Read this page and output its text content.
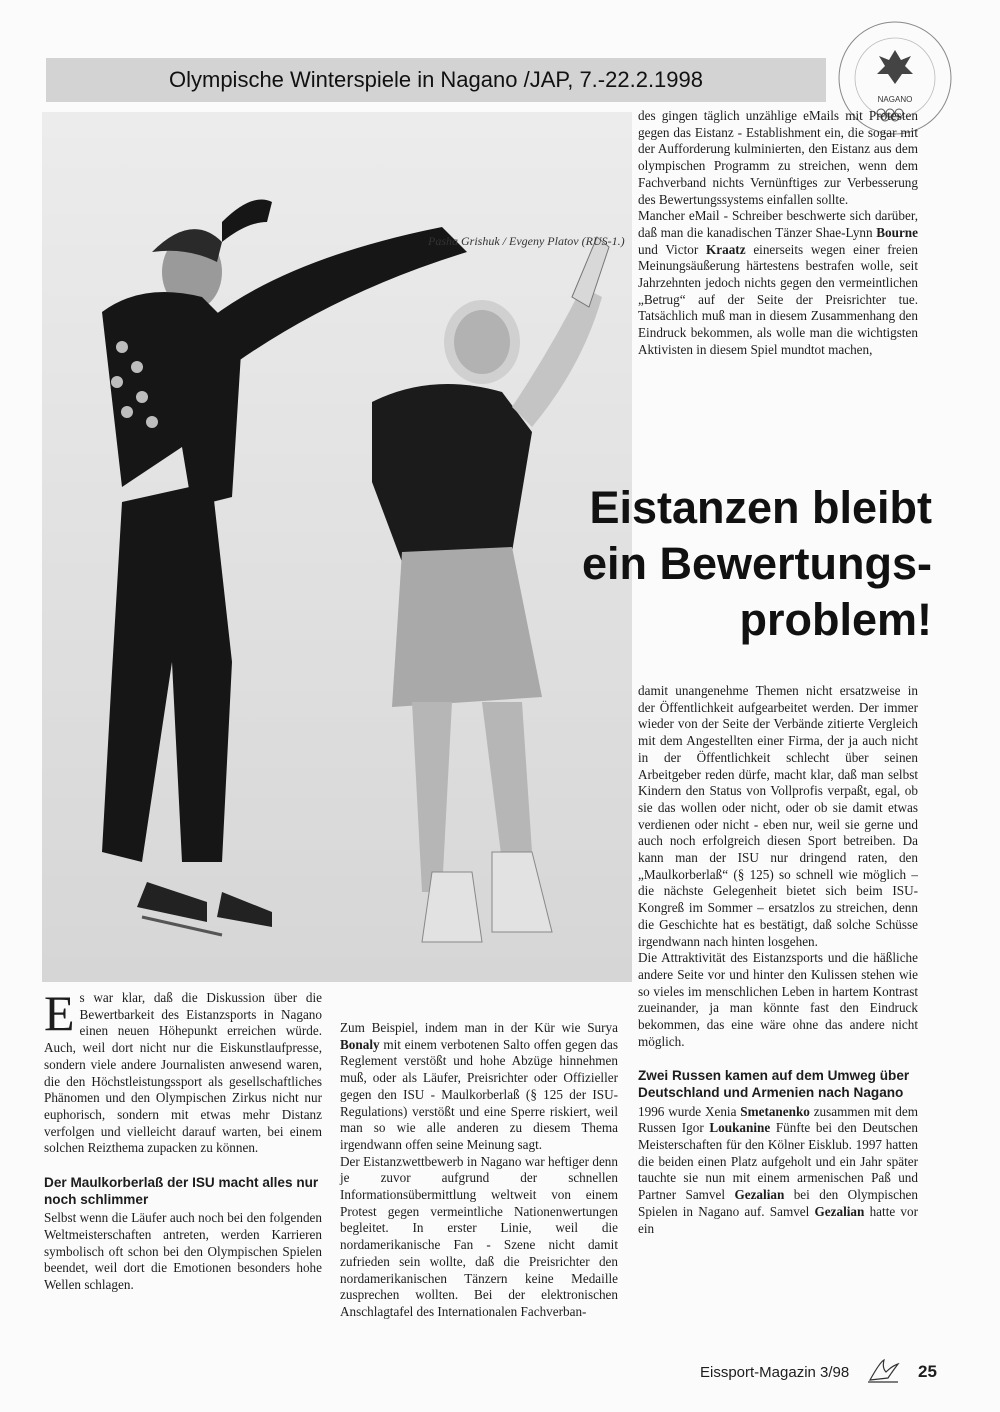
Olympische Winterspiele in Nagano /JAP, 7.-22.2.1998
NAGANO
Pasha Grishuk / Evgeny Platov (RUS-1.)

des gingen täglich unzählige eMails mit Protesten gegen das Eistanz - Establishment ein, die sogar mit der Aufforderung kulminierten, den Eistanz aus dem olympischen Programm zu streichen, wenn dem Fachverband nichts Vernünftiges zur Verbesserung des Bewertungssystems einfallen sollte.

Mancher eMail - Schreiber beschwerte sich darüber, daß man die kanadischen Tänzer Shae-Lynn Bourne und Victor Kraatz einerseits wegen einer freien Meinungsäußerung härtestens bestrafen wolle, seit Jahrzehnten jedoch nichts gegen den vermeintlichen „Betrug“ auf der Seite der Preisrichter tue. Tatsächlich muß man in diesem Zusammenhang den Eindruck bekommen, als wolle man die wichtigsten Aktivisten in diesem Spiel mundtot machen,

Eistanzen bleibt
ein Bewertungs-
problem!

damit unangenehme Themen nicht ersatzweise in der Öffentlichkeit aufgearbeitet werden. Der immer wieder von der Seite der Verbände zitierte Vergleich mit dem Angestellten einer Firma, der ja auch nicht in der Öffentlichkeit schlecht über seinen Arbeitgeber reden dürfe, macht klar, daß man selbst Kindern den Status von Vollprofis verpaßt, egal, ob sie das wollen oder nicht, oder ob sie damit etwas verdienen oder nicht - eben nur, weil sie gerne und auch noch erfolgreich diesen Sport betreiben. Da kann man der ISU nur dringend raten, den „Maulkorberlaß“ (§ 125) so schnell wie möglich – die nächste Gelegenheit bietet sich beim ISU-Kongreß im Sommer – ersatzlos zu streichen, denn die Geschichte hat es bestätigt, daß solche Schüsse irgendwann nach hinten losgehen.

Die Attraktivität des Eistanzsports und die häßliche andere Seite vor und hinter den Kulissen stehen wie so vieles im menschlichen Leben in hartem Kontrast zueinander, ja man könnte fast den Eindruck bekommen, das eine wäre ohne das andere nicht möglich.

Zwei Russen kamen auf dem Umweg über Deutschland und Armenien nach Nagano

1996 wurde Xenia Smetanenko zusammen mit dem Russen Igor Loukanine Fünfte bei den Deutschen Meisterschaften für den Kölner Eisklub. 1997 hatten die beiden einen Platz aufgeholt und ein Jahr später tauchte sie nun mit einem armenischen Paß und Partner Samvel Gezalian bei den Olympischen Spielen in Nagano auf. Samvel Gezalian hatte vor ein

Es war klar, daß die Diskussion über die Bewertbarkeit des Eistanzsports in Nagano einen neuen Höhepunkt erreichen würde. Auch, weil dort nicht nur die Eiskunstlaufpresse, sondern viele andere Journalisten anwesend waren, die den Höchstleistungssport als gesellschaftliches Phänomen und den Olympischen Zirkus nicht nur euphorisch, sondern mit etwas mehr Distanz verfolgen und vielleicht darauf warten, bei einem solchen Reizthema zupacken zu können.

Der Maulkorberlaß der ISU macht alles nur noch schlimmer

Selbst wenn die Läufer auch noch bei den folgenden Weltmeisterschaften antreten, werden Karrieren symbolisch oft schon bei den Olympischen Spielen beendet, weil dort die Emotionen besonders hohe Wellen schlagen.

Zum Beispiel, indem man in der Kür wie Surya Bonaly mit einem verbotenen Salto offen gegen das Reglement verstößt und hohe Abzüge hinnehmen muß, oder als Läufer, Preisrichter oder Offizieller gegen den ISU - Maulkorberlaß (§ 125 der ISU-Regulations) verstößt und eine Sperre riskiert, weil man so wie alle anderen zu diesem Thema irgendwann offen seine Meinung sagt.

Der Eistanzwettbewerb in Nagano war heftiger denn je zuvor aufgrund der schnellen Informationsübermittlung weltweit von einem Protest gegen vermeintliche Nationenwertungen begleitet. In erster Linie, weil die nordamerikanische Fan - Szene nicht damit zufrieden sein wollte, daß die Preisrichter den nordamerikanischen Tänzern keine Medaille zusprechen wollten. Bei der elektronischen Anschlagtafel des Internationalen Fachverban-

Eissport-Magazin 3/98	25
